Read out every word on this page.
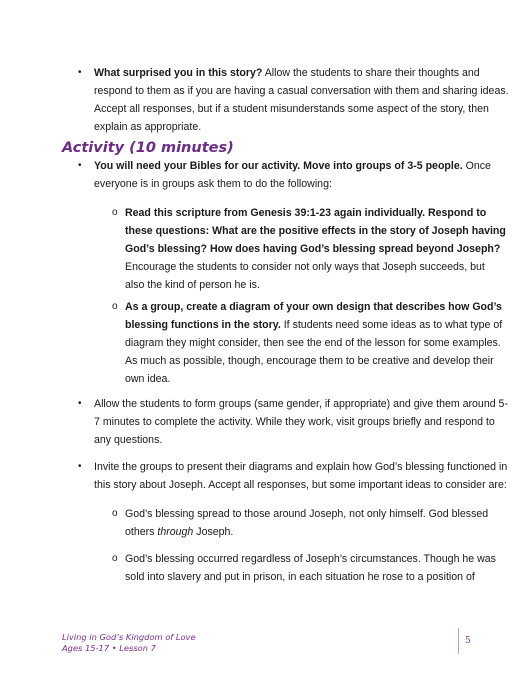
• What surprised you in this story? Allow the students to share their thoughts and
respond to them as if you are having a casual conversation with them and sharing ideas.
Accept all responses, but if a student misunderstands some aspect of the story, then
explain as appropriate.
Activity (10 minutes)
• You will need your Bibles for our activity. Move into groups of 3-5 people. Once
everyone is in groups ask them to do the following:
o Read this scripture from Genesis 39:1-23 again individually. Respond to
these questions: What are the positive effects in the story of Joseph having
God’s blessing? How does having God’s blessing spread beyond Joseph?
Encourage the students to consider not only ways that Joseph succeeds, but
also the kind of person he is.
o As a group, create a diagram of your own design that describes how God’s
blessing functions in the story. If students need some ideas as to what type of
diagram they might consider, then see the end of the lesson for some examples.
As much as possible, though, encourage them to be creative and develop their
own idea.
• Allow the students to form groups (same gender, if appropriate) and give them around 5-
7 minutes to complete the activity. While they work, visit groups briefly and respond to
any questions.
• Invite the groups to present their diagrams and explain how God’s blessing functioned in
this story about Joseph. Accept all responses, but some important ideas to consider are:
o God’s blessing spread to those around Joseph, not only himself. God blessed
others through Joseph.
o God’s blessing occurred regardless of Joseph’s circumstances. Though he was
sold into slavery and put in prison, in each situation he rose to a position of
Living in God’s Kingdom of Love
Ages 15-17 • Lesson 7
5
